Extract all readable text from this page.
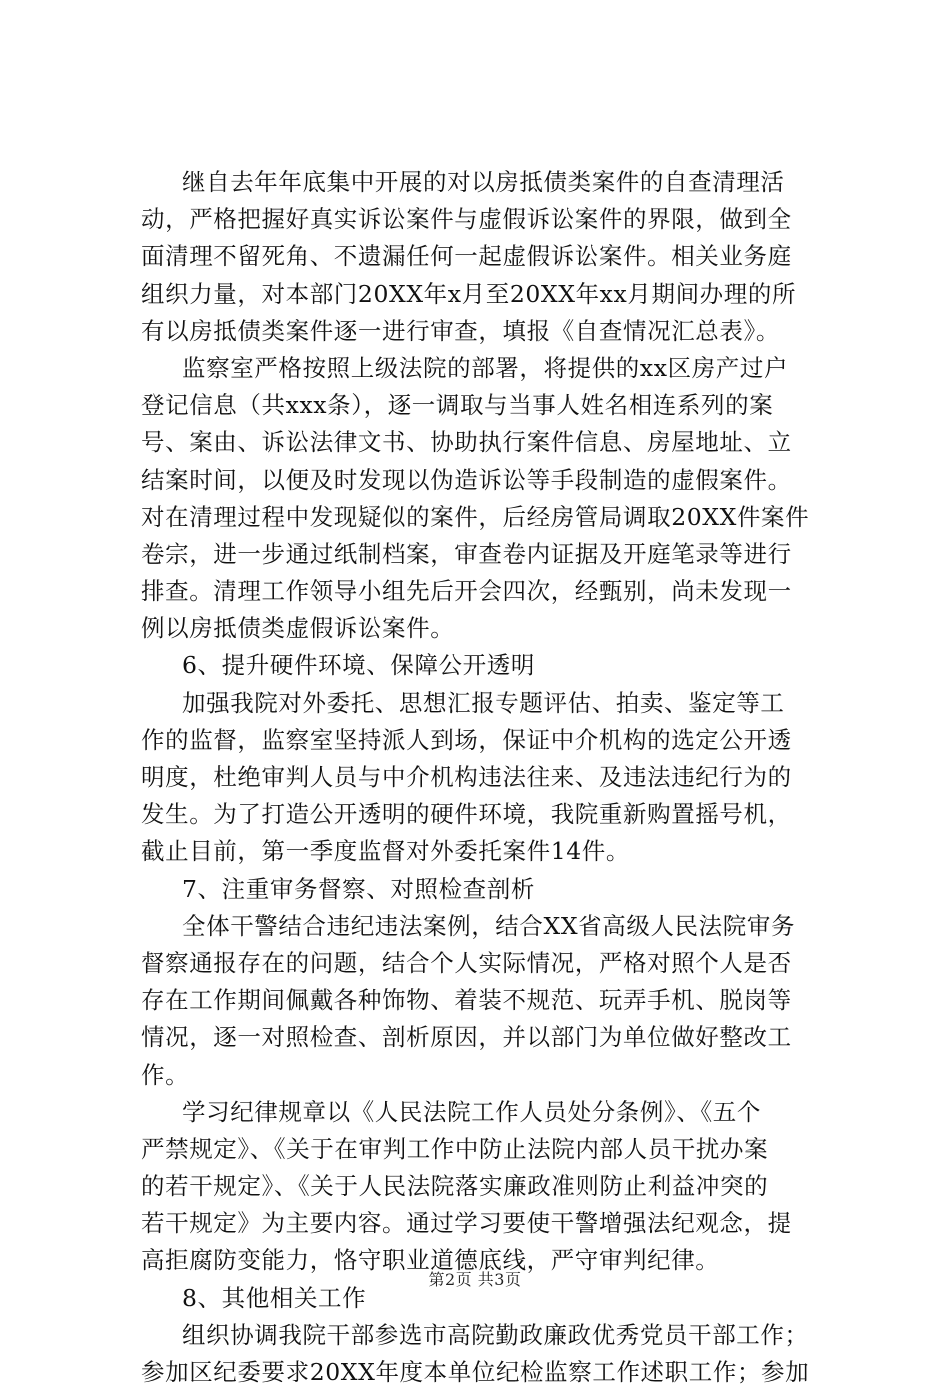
继自去年年底集中开展的对以房抵债类案件的自查清理活
动，严格把握好真实诉讼案件与虚假诉讼案件的界限，做到全
面清理不留死角、不遗漏任何一起虚假诉讼案件。相关业务庭
组织力量，对本部门20XX年x月至20XX年xx月期间办理的所
有以房抵债类案件逐一进行审查，填报《自查情况汇总表》。
监察室严格按照上级法院的部署，将提供的xx区房产过户
登记信息（共xxx条），逐一调取与当事人姓名相连系列的案
号、案由、诉讼法律文书、协助执行案件信息、房屋地址、立
结案时间，以便及时发现以伪造诉讼等手段制造的虚假案件。
对在清理过程中发现疑似的案件，后经房管局调取20XX件案件
卷宗，进一步通过纸制档案，审查卷内证据及开庭笔录等进行
排查。清理工作领导小组先后开会四次，经甄别，尚未发现一
例以房抵债类虚假诉讼案件。
6、提升硬件环境、保障公开透明
加强我院对外委托、思想汇报专题评估、拍卖、鉴定等工
作的监督，监察室坚持派人到场，保证中介机构的选定公开透
明度，杜绝审判人员与中介机构违法往来、及违法违纪行为的
发生。为了打造公开透明的硬件环境，我院重新购置摇号机，
截止目前，第一季度监督对外委托案件14件。
7、注重审务督察、对照检查剖析
全体干警结合违纪违法案例，结合XX省高级人民法院审务
督察通报存在的问题，结合个人实际情况，严格对照个人是否
存在工作期间佩戴各种饰物、着装不规范、玩弄手机、脱岗等
情况，逐一对照检查、剖析原因，并以部门为单位做好整改工
作。
学习纪律规章以《人民法院工作人员处分条例》、《五个
严禁规定》、《关于在审判工作中防止法院内部人员干扰办案
的若干规定》、《关于人民法院落实廉政准则防止利益冲突的
若干规定》为主要内容。通过学习要使干警增强法纪观念，提
高拒腐防变能力，恪守职业道德底线，严守审判纪律。
8、其他相关工作
组织协调我院干部参选市高院勤政廉政优秀党员干部工作；
参加区纪委要求20XX年度本单位纪检监察工作述职工作；参加
第2页 共3页
